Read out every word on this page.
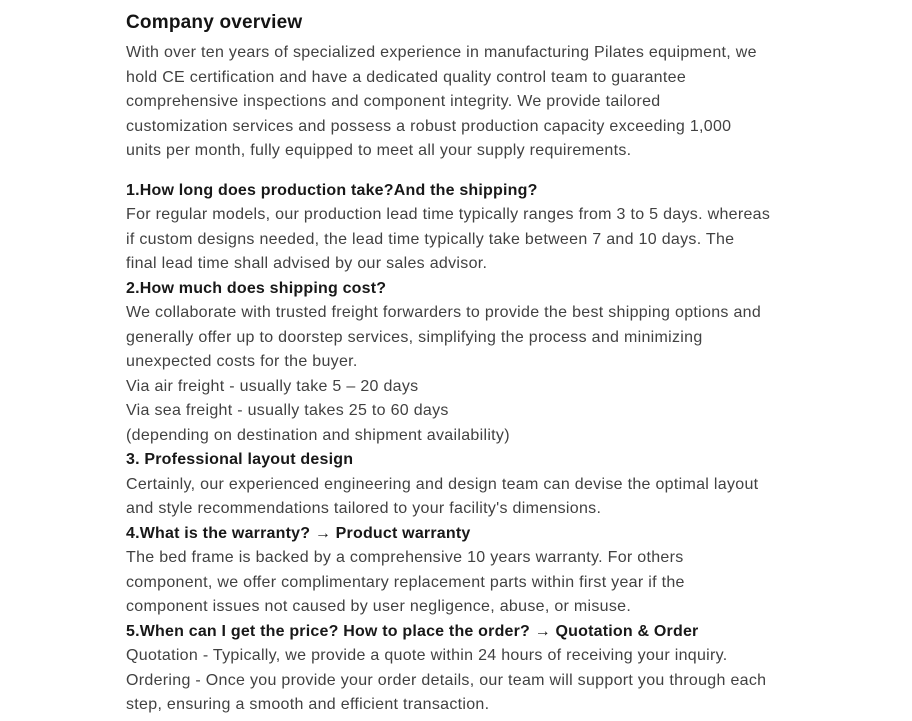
Company overview
With over ten years of specialized experience in manufacturing Pilates equipment, we
hold CE certification and have a dedicated quality control team to guarantee
comprehensive inspections and component integrity. We provide tailored
customization services and possess a robust production capacity exceeding 1,000
units per month, fully equipped to meet all your supply requirements.
1.How long does production take?And the shipping?
For regular models, our production lead time typically ranges from 3 to 5 days. whereas
if custom designs needed, the lead time typically take between 7 and 10 days. The
final lead time shall advised by our sales advisor.
2.How much does shipping cost?
We collaborate with trusted freight forwarders to provide the best shipping options and
generally offer up to doorstep services, simplifying the process and minimizing
unexpected costs for the buyer.
Via air freight - usually take 5 – 20 days
Via sea freight - usually takes 25 to 60 days
(depending on destination and shipment availability)
3. Professional layout design
Certainly, our experienced engineering and design team can devise the optimal layout
and style recommendations tailored to your facility's dimensions.
4.What is the warranty? → Product warranty
The bed frame is backed by a comprehensive 10 years warranty. For others
component, we offer complimentary replacement parts within first year if the
component issues not caused by user negligence, abuse, or misuse.
5.When can I get the price? How to place the order? → Quotation & Order
Quotation - Typically, we provide a quote within 24 hours of receiving your inquiry.
Ordering - Once you provide your order details, our team will support you through each
step, ensuring a smooth and efficient transaction.
